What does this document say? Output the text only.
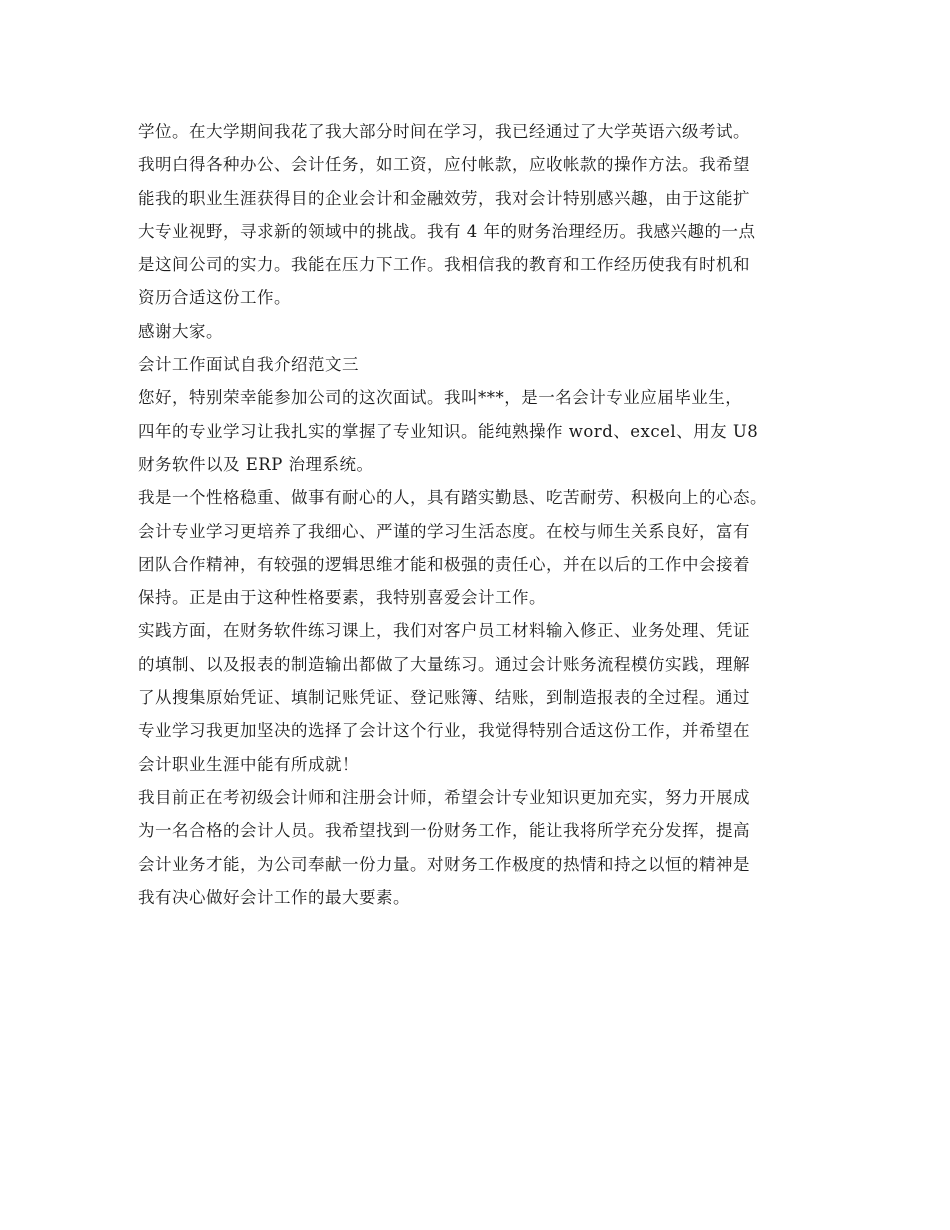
学位。在大学期间我花了我大部分时间在学习，我已经通过了大学英语六级考试。
我明白得各种办公、会计任务，如工资，应付帐款，应收帐款的操作方法。我希望
能我的职业生涯获得目的企业会计和金融效劳，我对会计特别感兴趣，由于这能扩
大专业视野，寻求新的领域中的挑战。我有 4 年的财务治理经历。我感兴趣的一点
是这间公司的实力。我能在压力下工作。我相信我的教育和工作经历使我有时机和
资历合适这份工作。
感谢大家。
会计工作面试自我介绍范文三
您好，特别荣幸能参加公司的这次面试。我叫***，是一名会计专业应届毕业生，
四年的专业学习让我扎实的掌握了专业知识。能纯熟操作 word、excel、用友 U8
财务软件以及 ERP 治理系统。
我是一个性格稳重、做事有耐心的人，具有踏实勤恳、吃苦耐劳、积极向上的心态。
会计专业学习更培养了我细心、严谨的学习生活态度。在校与师生关系良好，富有
团队合作精神，有较强的逻辑思维才能和极强的责任心，并在以后的工作中会接着
保持。正是由于这种性格要素，我特别喜爱会计工作。
实践方面，在财务软件练习课上，我们对客户员工材料输入修正、业务处理、凭证
的填制、以及报表的制造输出都做了大量练习。通过会计账务流程模仿实践，理解
了从搜集原始凭证、填制记账凭证、登记账簿、结账，到制造报表的全过程。通过
专业学习我更加坚决的选择了会计这个行业，我觉得特别合适这份工作，并希望在
会计职业生涯中能有所成就！
我目前正在考初级会计师和注册会计师，希望会计专业知识更加充实，努力开展成
为一名合格的会计人员。我希望找到一份财务工作，能让我将所学充分发挥，提高
会计业务才能，为公司奉献一份力量。对财务工作极度的热情和持之以恒的精神是
我有决心做好会计工作的最大要素。
